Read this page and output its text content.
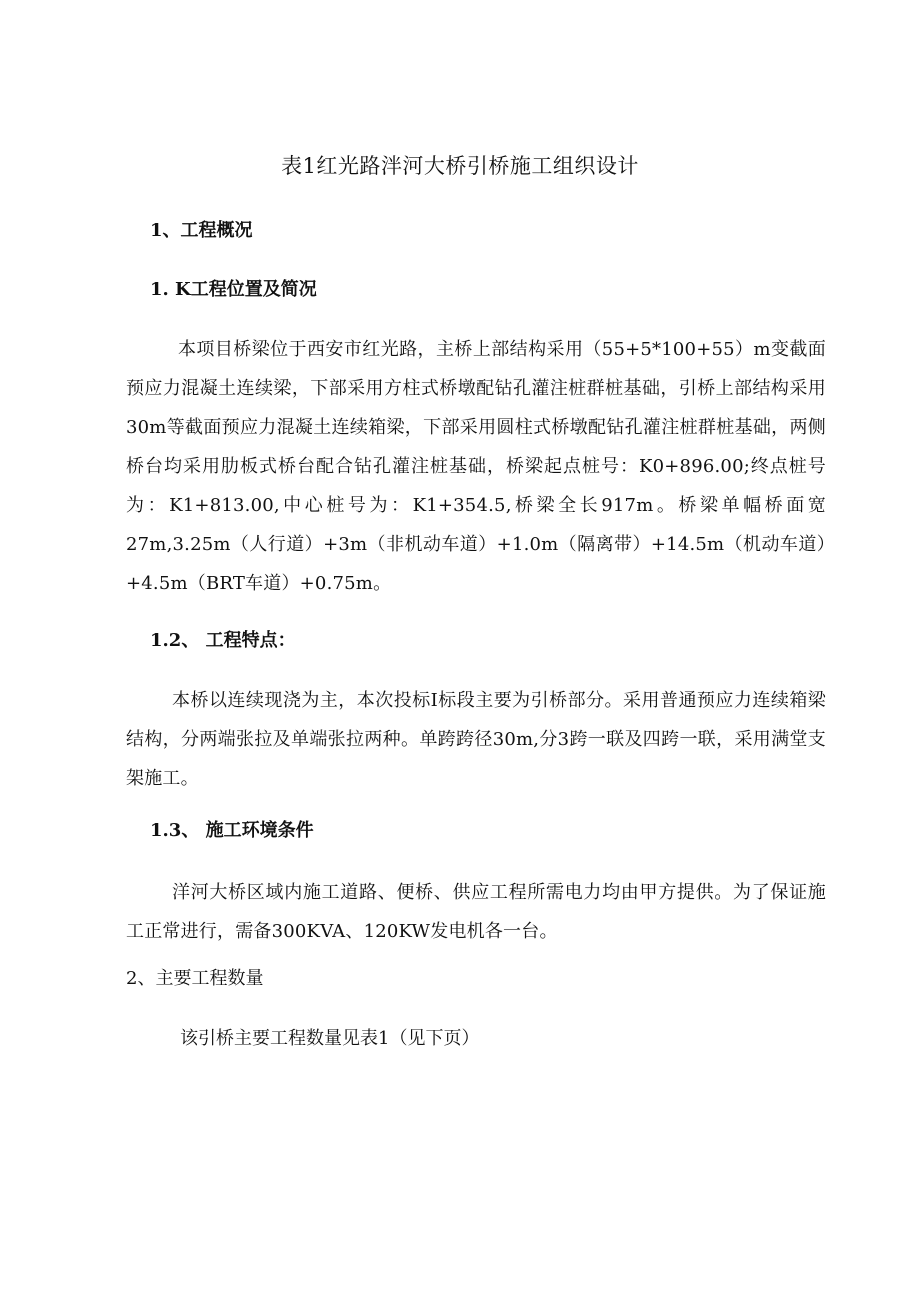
表1红光路泮河大桥引桥施工组织设计
1、工程概况
1. K工程位置及简况
本项目桥梁位于西安市红光路，主桥上部结构采用（55+5*100+55）m变截面预应力混凝土连续梁，下部采用方柱式桥墩配钻孔灌注桩群桩基础，引桥上部结构采用30m等截面预应力混凝土连续箱梁，下部采用圆柱式桥墩配钻孔灌注桩群桩基础，两侧桥台均采用肋板式桥台配合钻孔灌注桩基础，桥梁起点桩号：K0+896.00;终点桩号为：K1+813.00,中心桩号为：K1+354.5,桥梁全长917m。桥梁单幅桥面宽27m,3.25m（人行道）+3m（非机动车道）+1.0m（隔离带）+14.5m（机动车道）+4.5m（BRT车道）+0.75m。
1.2、 工程特点：
本桥以连续现浇为主，本次投标I标段主要为引桥部分。采用普通预应力连续箱梁结构，分两端张拉及单端张拉两种。单跨跨径30m,分3跨一联及四跨一联，采用满堂支架施工。
1.3、 施工环境条件
洋河大桥区域内施工道路、便桥、供应工程所需电力均由甲方提供。为了保证施工正常进行，需备300KVA、120KW发电机各一台。
2、主要工程数量
该引桥主要工程数量见表1（见下页）
